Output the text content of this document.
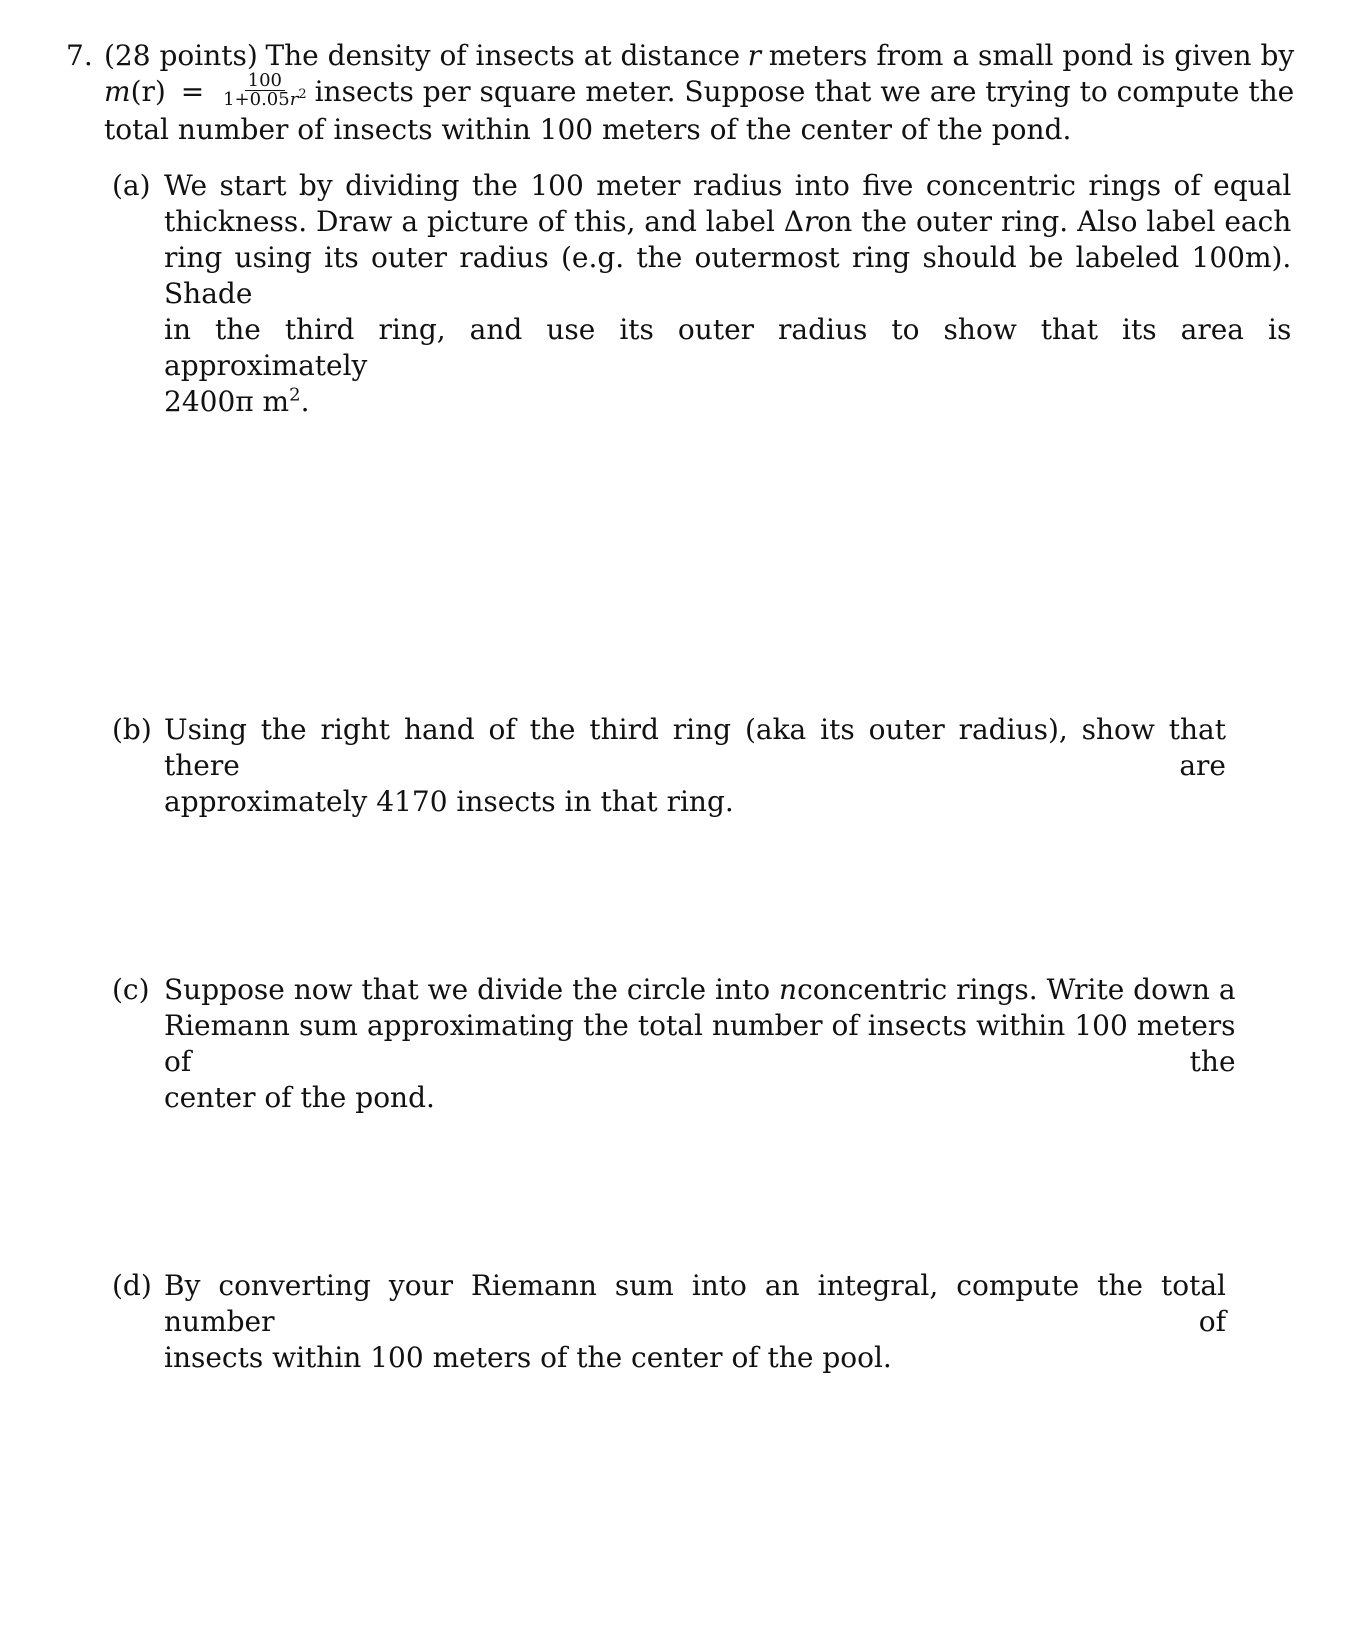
7. (28 points) The density of insects at distance r meters from a small pond is given by
$m(r) = \frac{100}{1+0.05r^2}$ insects per square meter. Suppose that we are trying to compute the
total number of insects within 100 meters of the center of the pond.
(a) We start by dividing the 100 meter radius into five concentric rings of equal
thickness. Draw a picture of this, and label Δr on the outer ring. Also label each
ring using its outer radius (e.g. the outermost ring should be labeled 100m). Shade
in the third ring, and use its outer radius to show that its area is approximately
2400π $m^2$.
(b) Using the right hand of the third ring (aka its outer radius), show that there are
approximately 4170 insects in that ring.
(c) Suppose now that we divide the circle into n concentric rings. Write down a
Riemann sum approximating the total number of insects within 100 meters of the
center of the pond.
(d) By converting your Riemann sum into an integral, compute the total number of
insects within 100 meters of the center of the pool.
